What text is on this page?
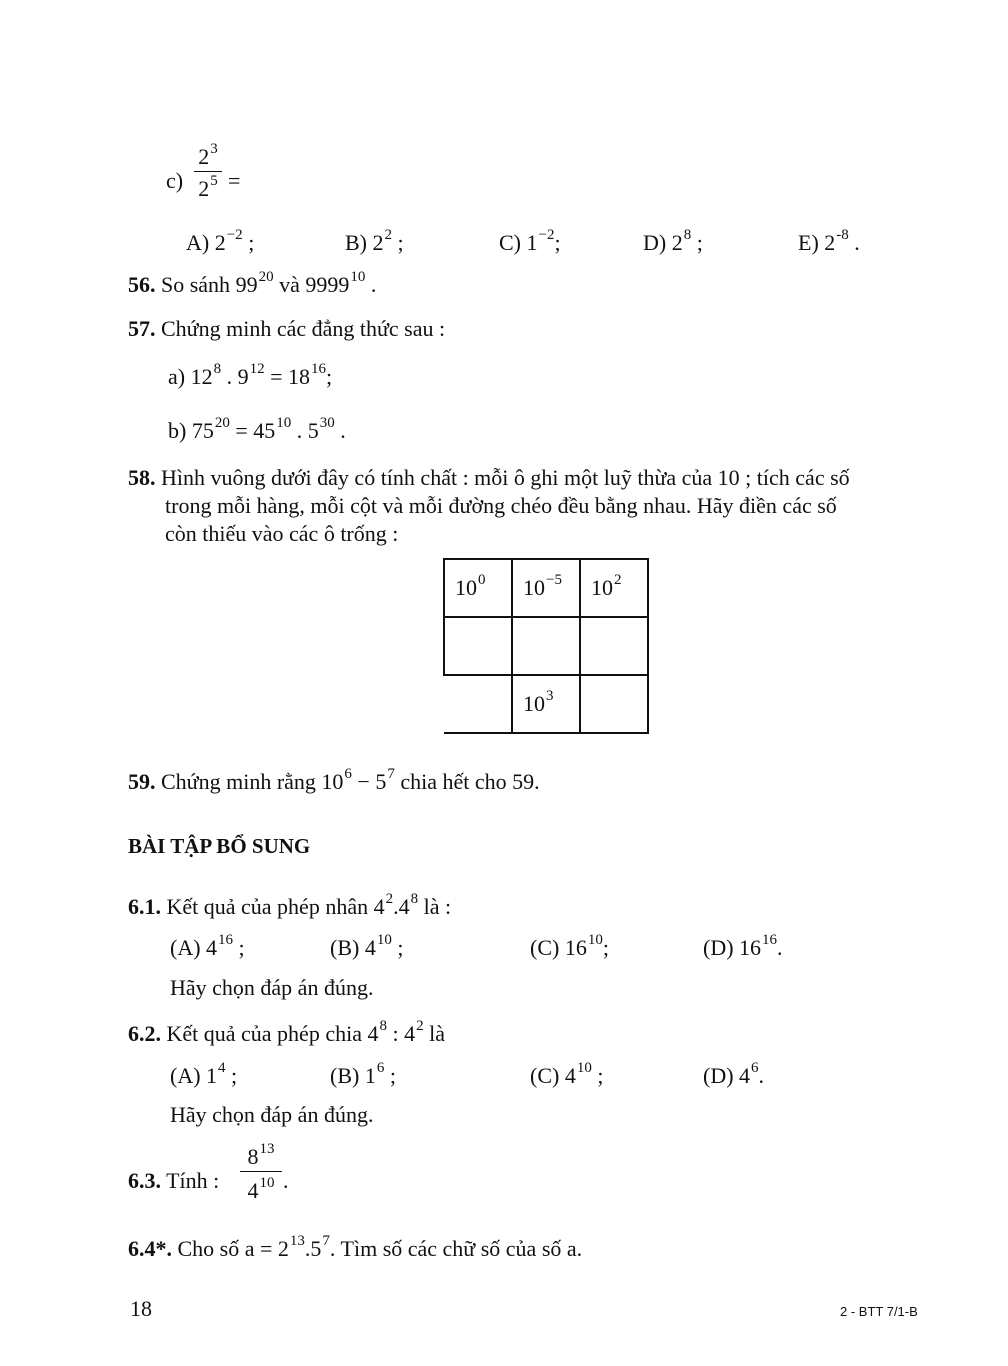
c)
$2^3$
$2^5$ =
A) $2^{-2}$ ;	B) $2^2$ ;	C) $1^{-2}$;	D) $2^8$ ;	E) $2^{-8}$ .
56. So sánh $99^{20}$ và 9999$^{10}$ .
57. Chứng minh các đẳng thức sau :
a) $12^8$ . $9^{12} = 18^{16}$;
b) $75^{20} = 45^{10}$ . $5^{30}$ .
58. Hình vuông dưới đây có tính chất : mỗi ô ghi một luỹ thừa của 10 ; tích các số
trong mỗi hàng, mỗi cột và mỗi đường chéo đều bằng nhau. Hãy điền các số
còn thiếu vào các ô trống :
$10^0$	$10^{-5}$	$10^2$

	$10^3$	
59. Chứng minh rằng $10^6 - 5^7$ chia hết cho 59.
BÀI TẬP BỔ SUNG
6.1. Kết quả của phép nhân $4^2.4^8$ là :
(A) $4^{16}$ ;	(B) $4^{10}$ ;	(C) $16^{10}$;	(D) $16^{16}$.
Hãy chọn đáp án đúng.
6.2. Kết quả của phép chia $4^8$ : $4^2$ là
(A) $1^4$ ;	(B) $1^6$ ;	(C) $4^{10}$ ;	(D) $4^6$.
Hãy chọn đáp án đúng.
6.3. Tính :
$8^{13}$
$4^{10}$ .
6.4*. Cho số $a = 2^{13}.5^7$. Tìm số các chữ số của số a.
18	2 - BTT 7/1-B
